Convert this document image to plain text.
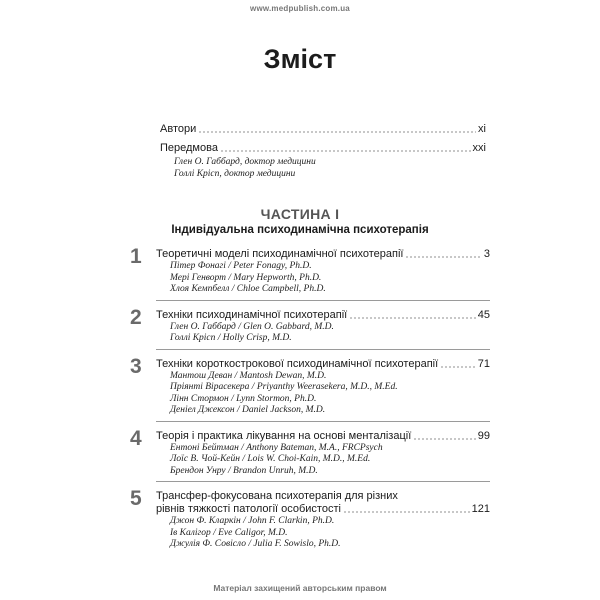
www.medpublish.com.ua
Зміст
Автори	xi
Передмова	xxi
Глен О. Габбард, доктор медицини
Голлі Кріcп, доктор медицини
ЧАСТИНА I
Індивідуальна психодинамічна психотерапія
1	Теоретичні моделі психодинамічної психотерапії	3
Пітер Фонагі / Peter Fonagy, Ph.D.
Мері Генворт / Mary Hepworth, Ph.D.
Хлоя Кемпбелл / Chloe Campbell, Ph.D.
2	Техніки психодинамічної психотерапії	45
Глен О. Габбард / Glen O. Gabbard, M.D.
Голлі Кріcп / Holly Crisp, M.D.
3	Техніки короткострокової психодинамічної психотерапії	71
Мантош Деван / Mantosh Dewan, M.D.
Пріянті Вірасекера / Priyanthy Weerasekera, M.D., M.Ed.
Лінн Стормон / Lynn Stormon, Ph.D.
Деніел Джексон / Daniel Jackson, M.D.
4	Теорія і практика лікування на основі менталізації	99
Ентоні Бейтман / Anthony Bateman, M.A., FRCPsych
Лоїс В. Чой-Кейн / Lois W. Choi-Kain, M.D., M.Ed.
Брендон Унру / Brandon Unruh, M.D.
5	Трансфер-фокусована психотерапія для різних
рівнів тяжкості патології особистості	121
Джон Ф. Кларкін / John F. Clarkin, Ph.D.
Ів Калігор / Eve Caligor, M.D.
Джулія Ф. Совісло / Julia F. Sowislo, Ph.D.
Матеріал захищений авторським правом
